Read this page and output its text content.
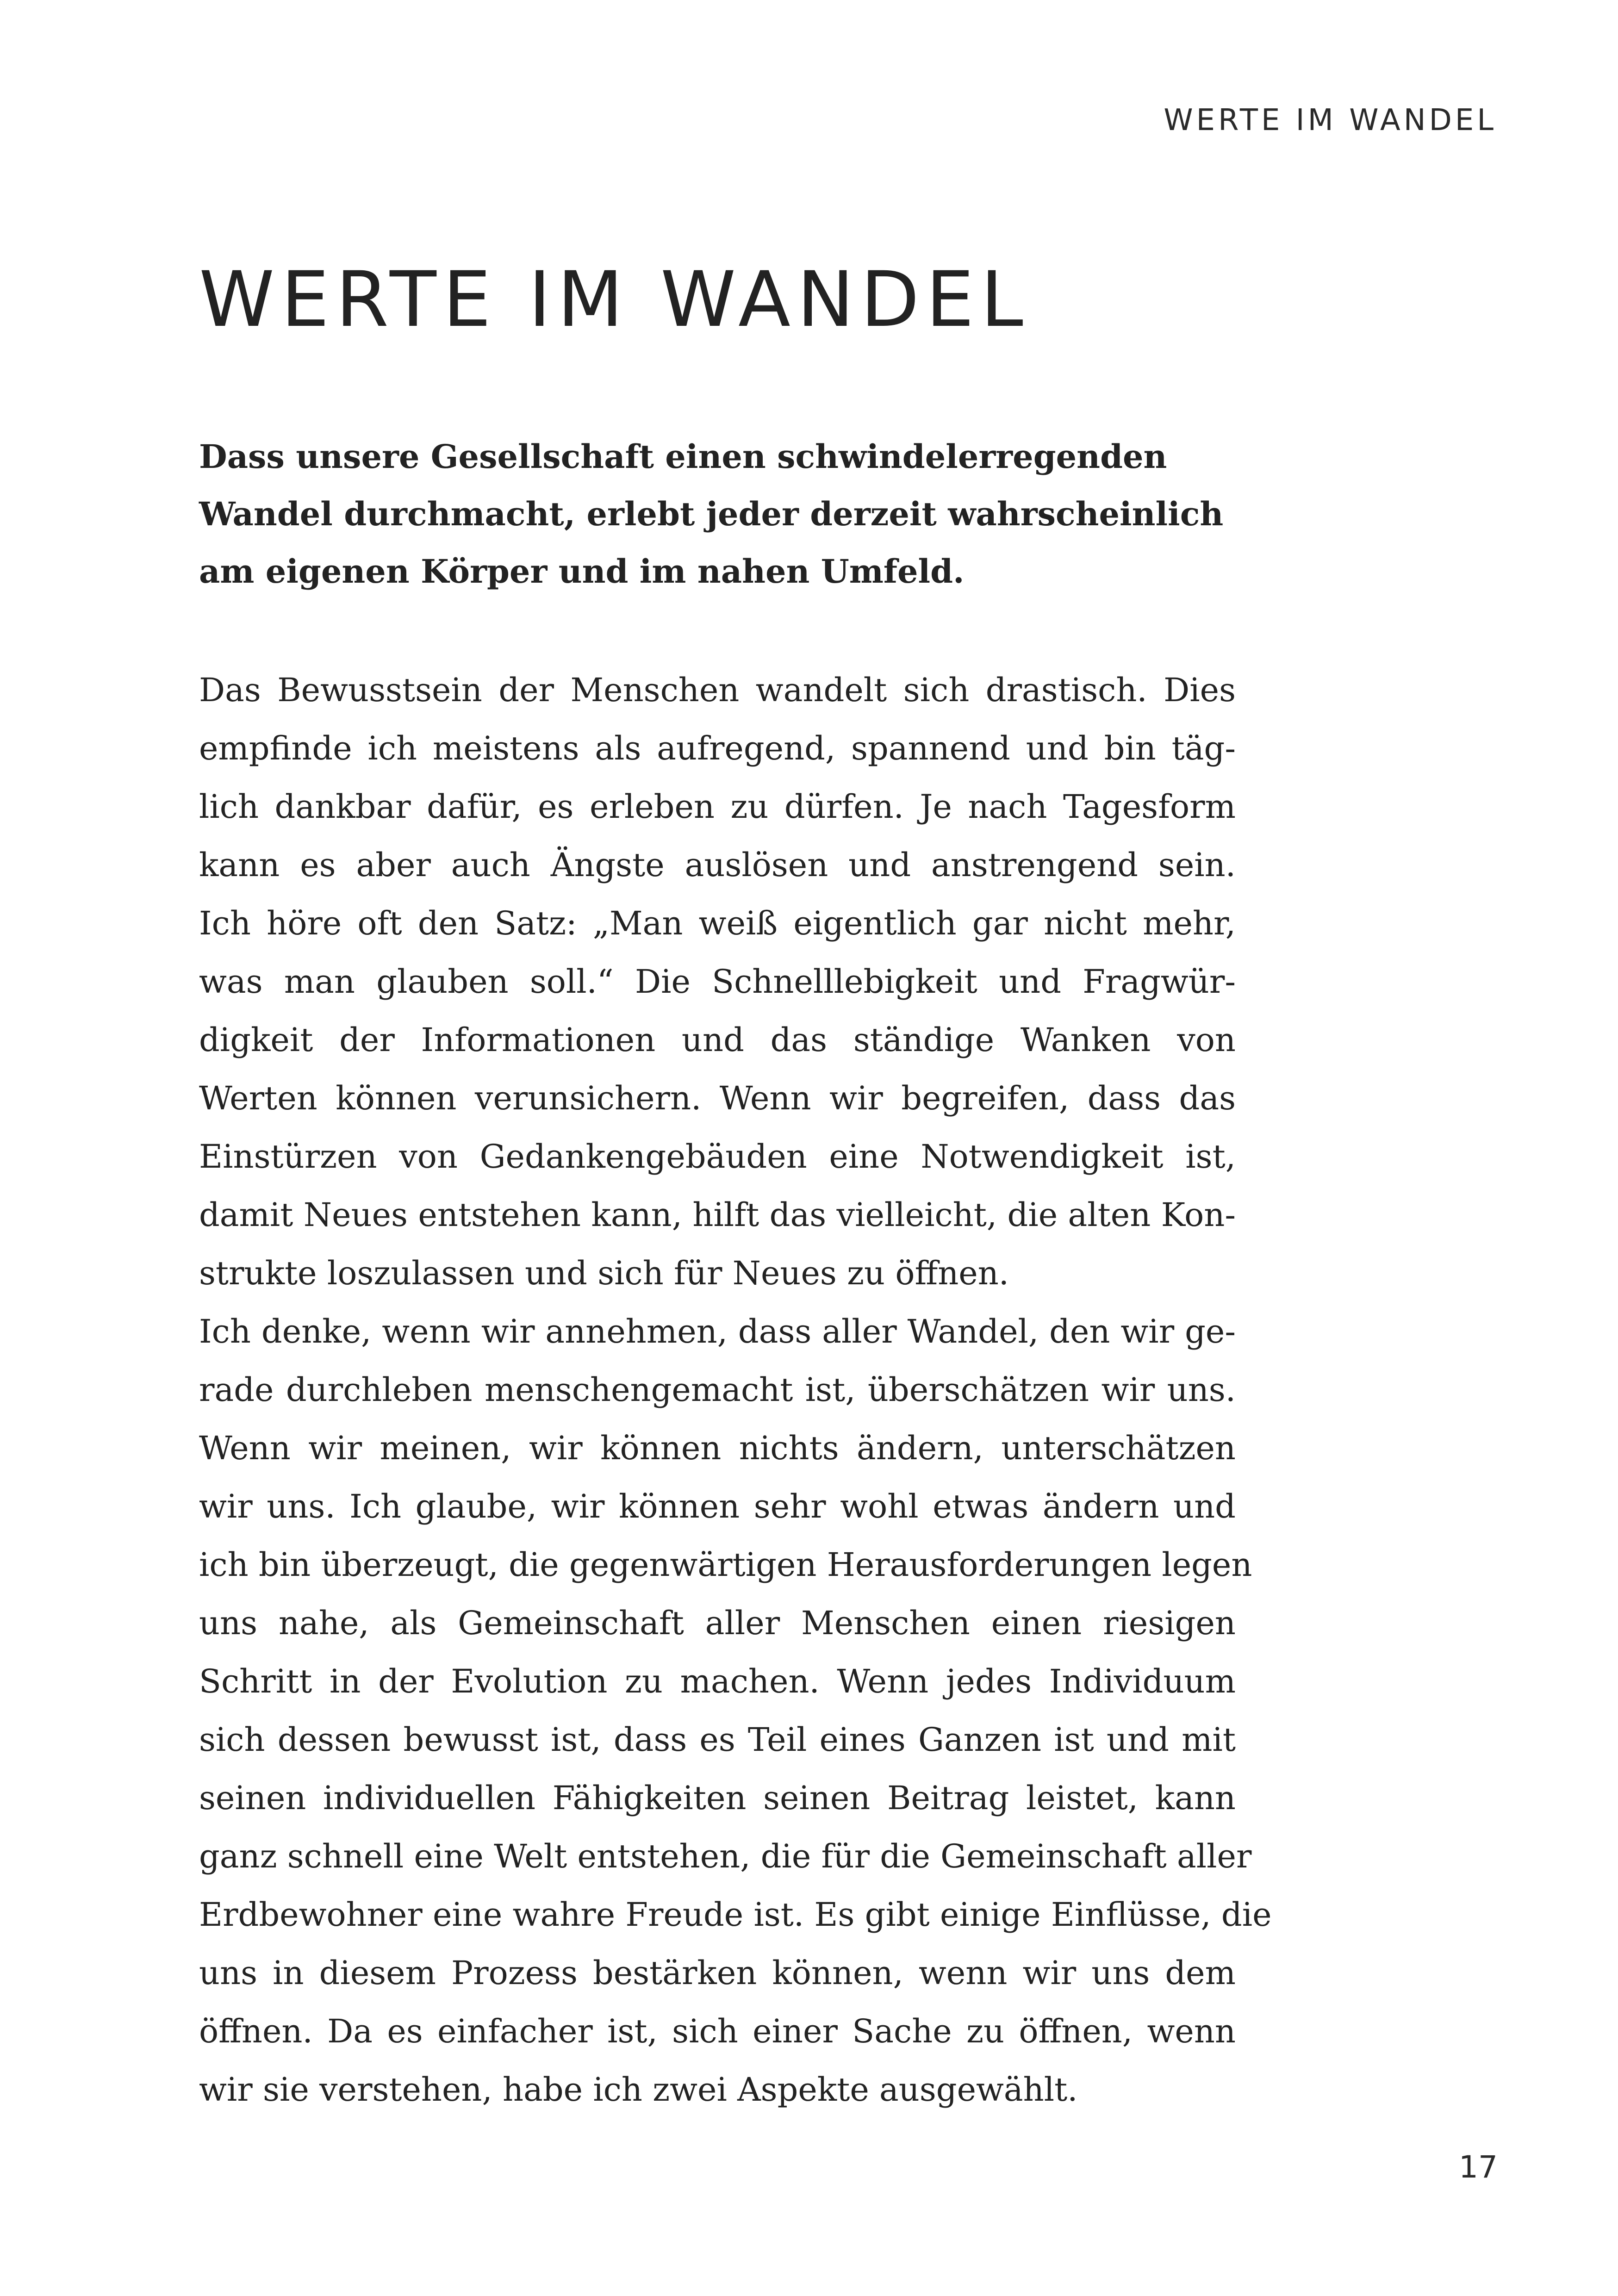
WERTE IM WANDEL
WERTE IM WANDEL

Dass unsere Gesellschaft einen schwindelerregenden
Wandel durchmacht, erlebt jeder derzeit wahrscheinlich
am eigenen Körper und im nahen Umfeld.

Das Bewusstsein der Menschen wandelt sich drastisch. Dies
empfinde ich meistens als aufregend, spannend und bin täg-
lich dankbar dafür, es erleben zu dürfen. Je nach Tagesform
kann es aber auch Ängste auslösen und anstrengend sein.
Ich höre oft den Satz: „Man weiß eigentlich gar nicht mehr,
was man glauben soll.“ Die Schnelllebigkeit und Fragwür-
digkeit der Informationen und das ständige Wanken von
Werten können verunsichern. Wenn wir begreifen, dass das
Einstürzen von Gedankengebäuden eine Notwendigkeit ist,
damit Neues entstehen kann, hilft das vielleicht, die alten Kon-
strukte loszulassen und sich für Neues zu öffnen.
Ich denke, wenn wir annehmen, dass aller Wandel, den wir ge-
rade durchleben menschengemacht ist, überschätzen wir uns.
Wenn wir meinen, wir können nichts ändern, unterschätzen
wir uns. Ich glaube, wir können sehr wohl etwas ändern und
ich bin überzeugt, die gegenwärtigen Herausforderungen legen
uns nahe, als Gemeinschaft aller Menschen einen riesigen
Schritt in der Evolution zu machen. Wenn jedes Individuum
sich dessen bewusst ist, dass es Teil eines Ganzen ist und mit
seinen individuellen Fähigkeiten seinen Beitrag leistet, kann
ganz schnell eine Welt entstehen, die für die Gemeinschaft aller
Erdbewohner eine wahre Freude ist. Es gibt einige Einflüsse, die
uns in diesem Prozess bestärken können, wenn wir uns dem
öffnen. Da es einfacher ist, sich einer Sache zu öffnen, wenn
wir sie verstehen, habe ich zwei Aspekte ausgewählt.
17
